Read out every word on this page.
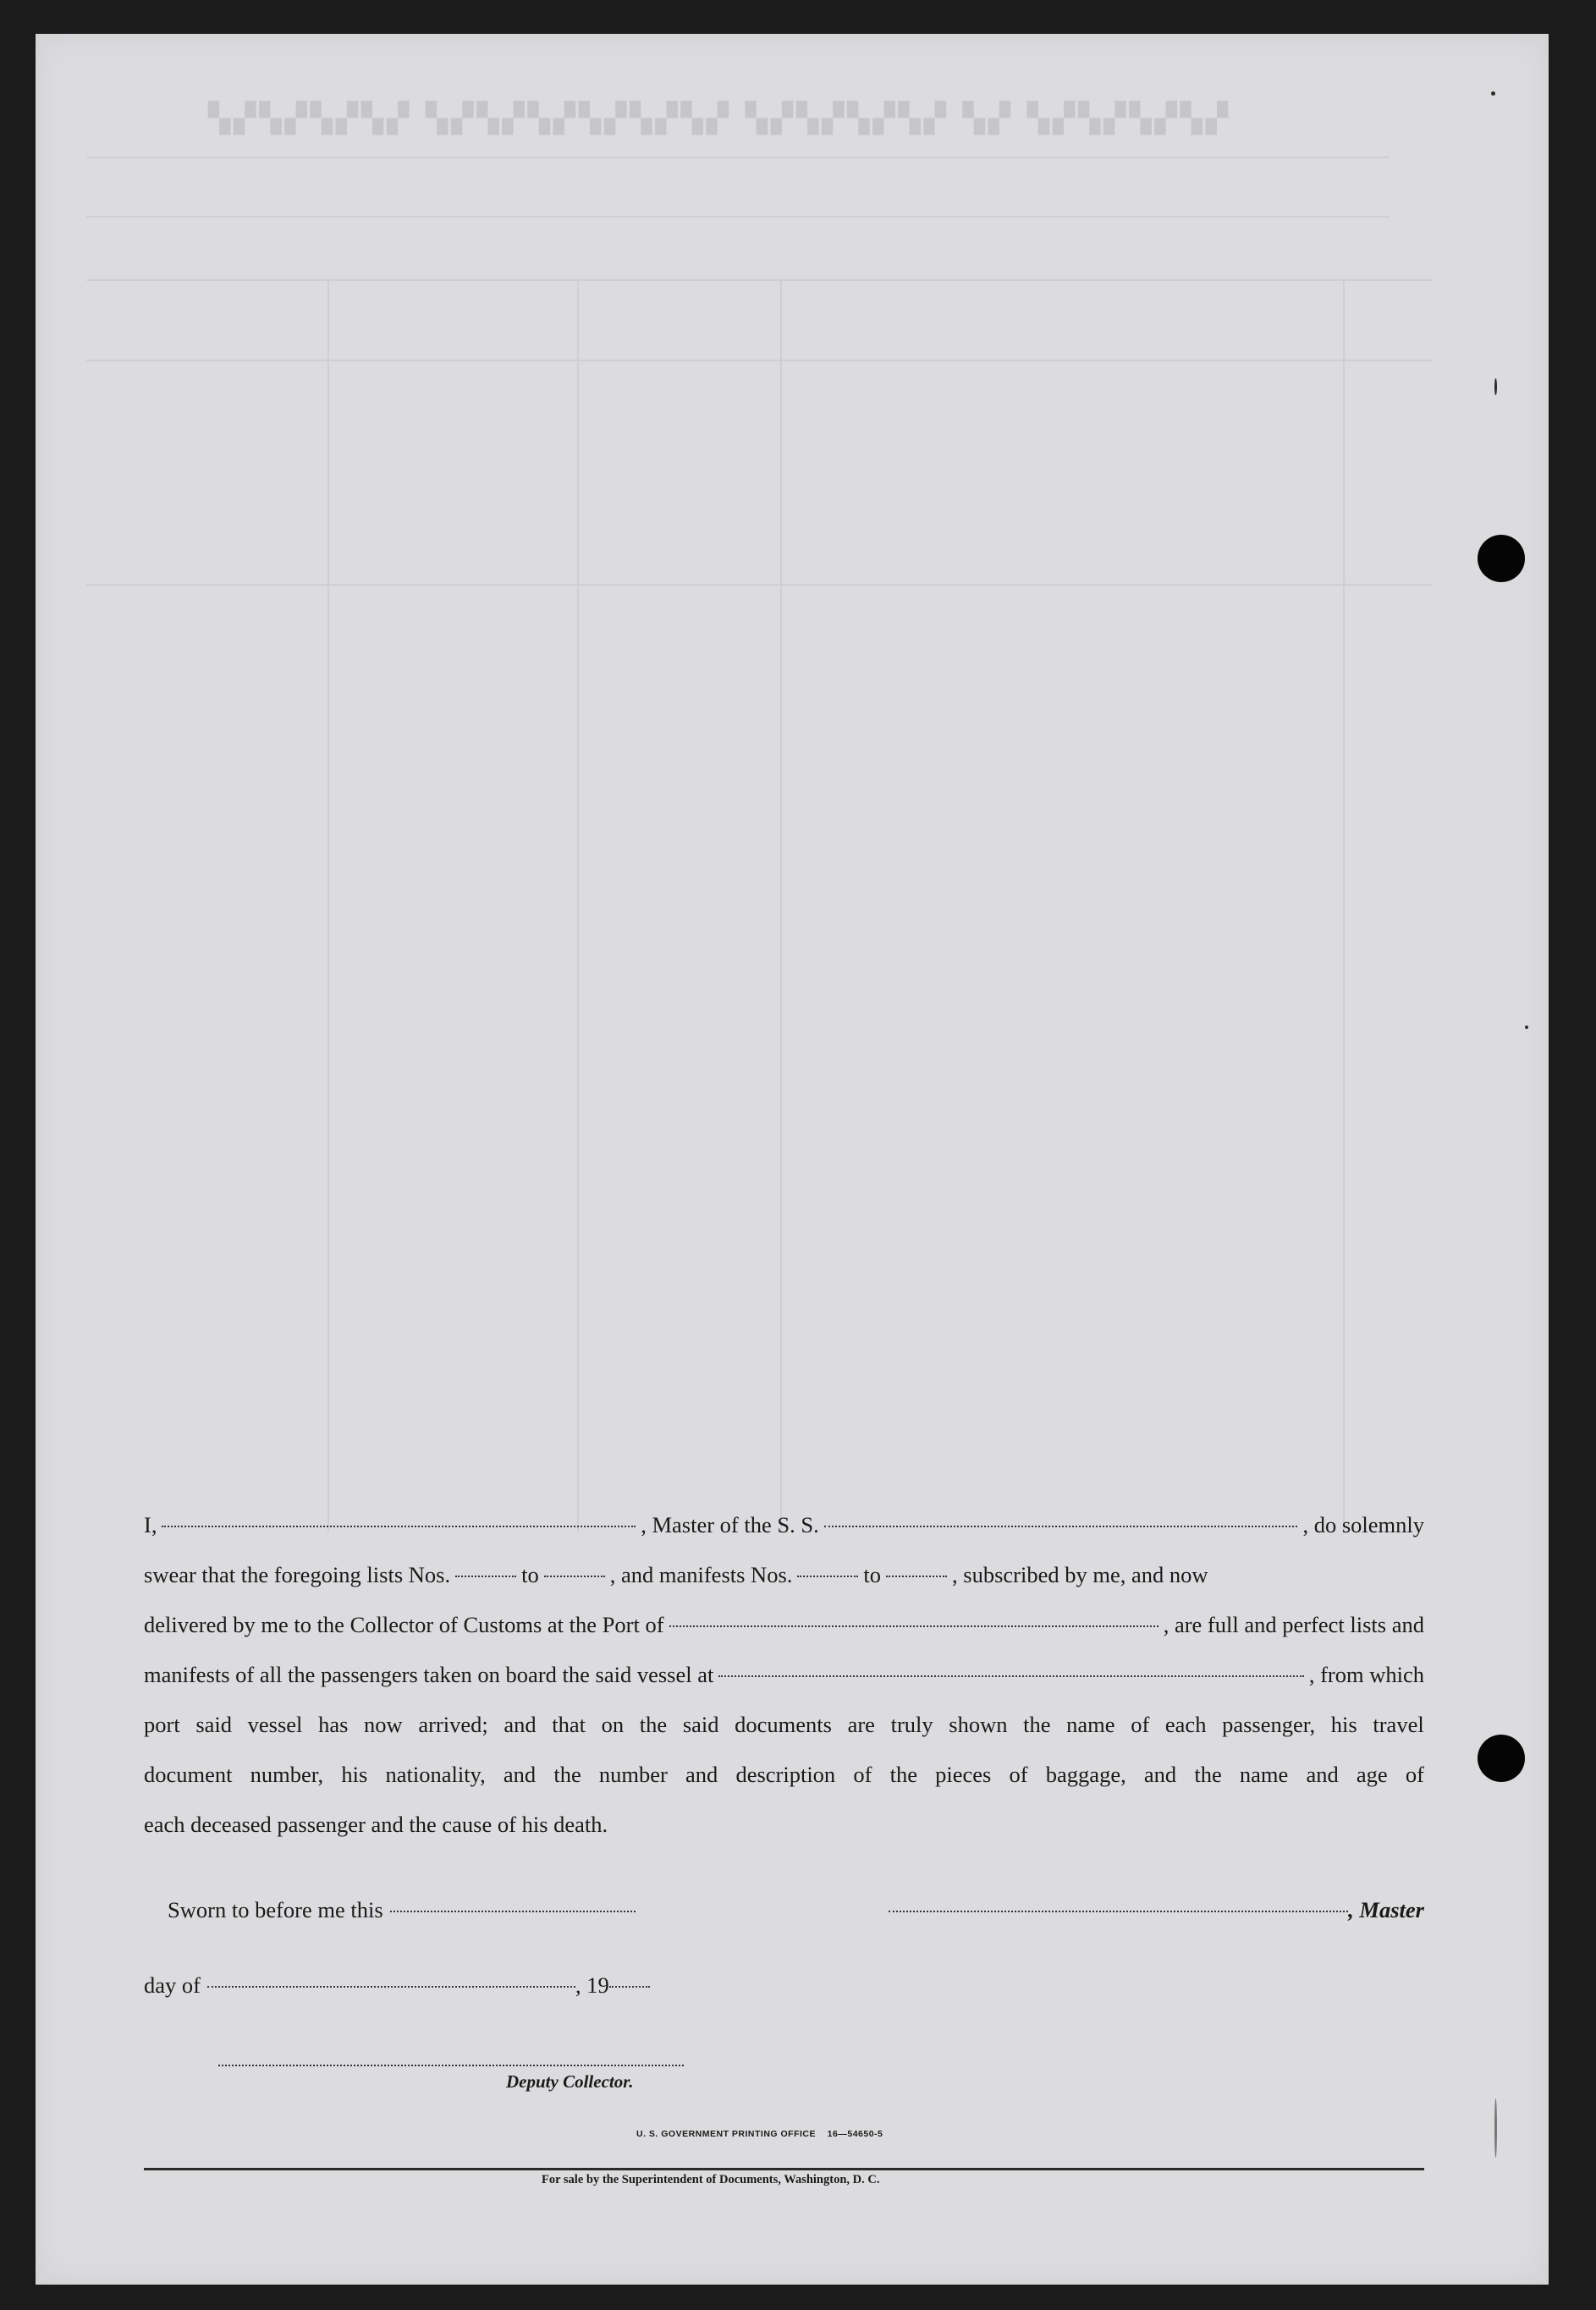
▚▞▚▞▚▞▚▞ ▚▞ ▚▞▚▞▚▞▚▞ ▚▞▚▞▚▞▚▞▚▞▚▞ ▚▞▚▞▚▞▚▞
I,	, Master of the S. S.	, do solemnly
swear that the foregoing lists Nos.	to	, and manifests Nos.	to	, subscribed by me, and now
delivered by me to the Collector of Customs at the Port of	, are full and perfect lists and
manifests of all the passengers taken on board the said vessel at	, from which
port said vessel has now arrived; and that on the said documents are truly shown the name of each passenger, his travel
document number, his nationality, and the number and description of the pieces of baggage, and the name and age of
each deceased passenger and the cause of his death.
Sworn to before me this	, Master
day of	, 19
Deputy Collector.
U. S. GOVERNMENT PRINTING OFFICE    16—54650-5
For sale by the Superintendent of Documents, Washington, D. C.
